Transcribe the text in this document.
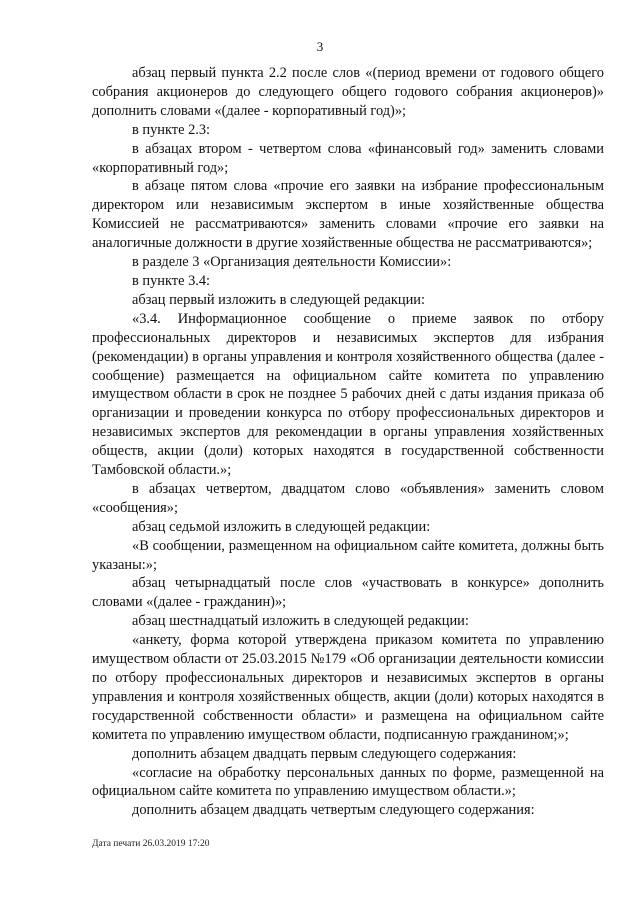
3

абзац первый пункта 2.2 после слов «(период времени от годового общего собрания акционеров до следующего общего годового собрания акционеров)» дополнить словами «(далее - корпоративный год)»;

в пункте 2.3:

в абзацах втором - четвертом слова «финансовый год» заменить словами «корпоративный год»;

в абзаце пятом слова «прочие его заявки на избрание профессиональным директором или независимым экспертом в иные хозяйственные общества Комиссией не рассматриваются» заменить словами «прочие его заявки на аналогичные должности в другие хозяйственные общества не рассматриваются»;

в разделе 3 «Организация деятельности Комиссии»:

в пункте 3.4:

абзац первый изложить в следующей редакции:

«3.4. Информационное сообщение о приеме заявок по отбору профессиональных директоров и независимых экспертов для избрания (рекомендации) в органы управления и контроля хозяйственного общества (далее - сообщение) размещается на официальном сайте комитета по управлению имуществом области в срок не позднее 5 рабочих дней с даты издания приказа об организации и проведении конкурса по отбору профессиональных директоров и независимых экспертов для рекомендации в органы управления хозяйственных обществ, акции (доли) которых находятся в государственной собственности Тамбовской области.»;

в абзацах четвертом, двадцатом слово «объявления» заменить словом «сообщения»;

абзац седьмой изложить в следующей редакции:

«В сообщении, размещенном на официальном сайте комитета, должны быть указаны:»;

абзац четырнадцатый после слов «участвовать в конкурсе» дополнить словами «(далее - гражданин)»;

абзац шестнадцатый изложить в следующей редакции:

«анкету, форма которой утверждена приказом комитета по управлению имуществом области от 25.03.2015 №179 «Об организации деятельности комиссии по отбору профессиональных директоров и независимых экспертов в органы управления и контроля хозяйственных обществ, акции (доли) которых находятся в государственной собственности области» и размещена на официальном сайте комитета по управлению имуществом области, подписанную гражданином;»;

дополнить абзацем двадцать первым следующего содержания:

«согласие на обработку персональных данных по форме, размещенной на официальном сайте комитета по управлению имуществом области.»;

дополнить абзацем двадцать четвертым следующего содержания:

Дата печати 26.03.2019 17:20
